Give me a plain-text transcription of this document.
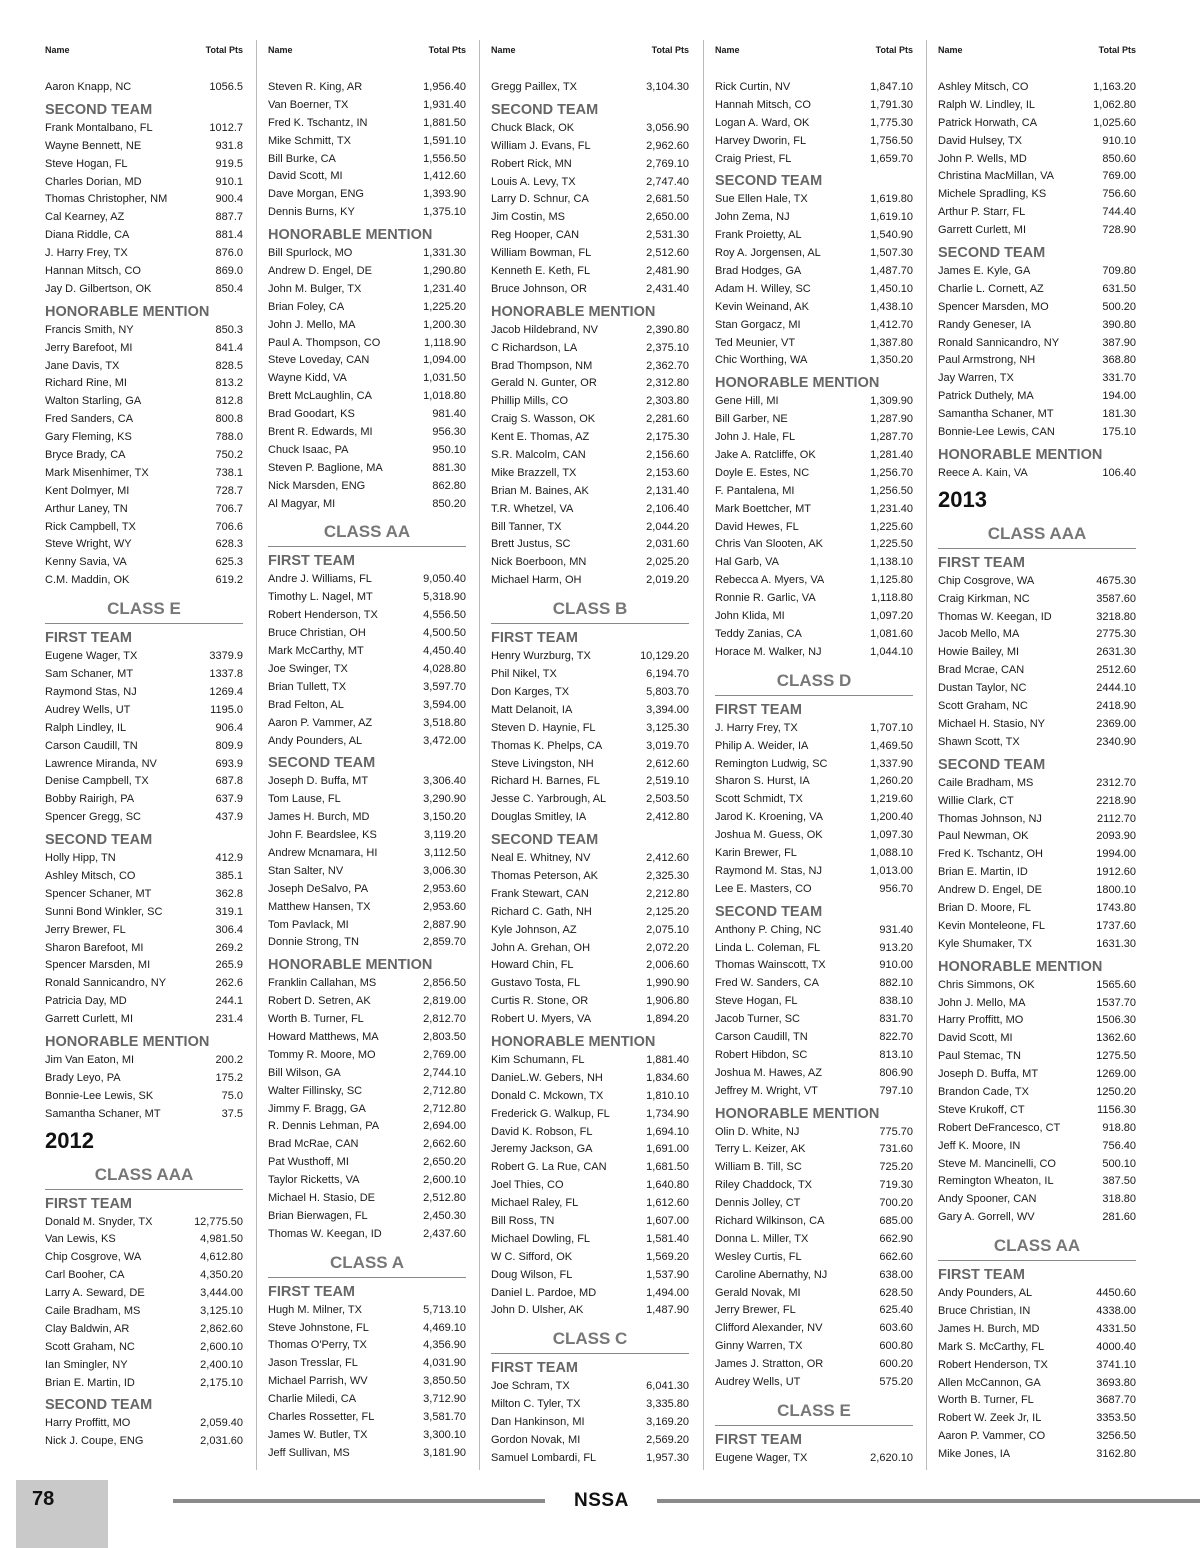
Name	Total Pts
Aaron Knapp, NC	1056.5
SECOND TEAM
Frank Montalbano, FL	1012.7
Wayne Bennett, NE	931.8
Steve Hogan, FL	919.5
Charles Dorian, MD	910.1
Thomas Christopher, NM	900.4
Cal Kearney, AZ	887.7
Diana Riddle, CA	881.4
J. Harry Frey, TX	876.0
Hannan Mitsch, CO	869.0
Jay D. Gilbertson, OK	850.4
HONORABLE MENTION
Francis Smith, NY	850.3
Jerry Barefoot, MI	841.4
Jane Davis, TX	828.5
Richard Rine, MI	813.2
Walton Starling, GA	812.8
Fred Sanders, CA	800.8
Gary Fleming, KS	788.0
Bryce Brady, CA	750.2
Mark Misenhimer, TX	738.1
Kent Dolmyer, MI	728.7
Arthur Laney, TN	706.7
Rick Campbell, TX	706.6
Steve Wright, WY	628.3
Kenny Savia, VA	625.3
C.M. Maddin, OK	619.2
CLASS E
FIRST TEAM
Eugene Wager, TX	3379.9
Sam Schaner, MT	1337.8
Raymond Stas, NJ	1269.4
Audrey Wells, UT	1195.0
Ralph Lindley, IL	906.4
Carson Caudill, TN	809.9
Lawrence Miranda, NV	693.9
Denise Campbell, TX	687.8
Bobby Rairigh, PA	637.9
Spencer Gregg, SC	437.9
SECOND TEAM
Holly Hipp, TN	412.9
Ashley Mitsch, CO	385.1
Spencer Schaner, MT	362.8
Sunni Bond Winkler, SC	319.1
Jerry Brewer, FL	306.4
Sharon Barefoot, MI	269.2
Spencer Marsden, MI	265.9
Ronald Sannicandro, NY	262.6
Patricia Day, MD	244.1
Garrett Curlett, MI	231.4
HONORABLE MENTION
Jim Van Eaton, MI	200.2
Brady Leyo, PA	175.2
Bonnie-Lee Lewis, SK	75.0
Samantha Schaner, MT	37.5
2012
CLASS AAA
FIRST TEAM
Donald M. Snyder, TX	12,775.50
Van Lewis, KS	4,981.50
Chip Cosgrove, WA	4,612.80
Carl Booher, CA	4,350.20
Larry A. Seward, DE	3,444.00
Caile Bradham, MS	3,125.10
Clay Baldwin, AR	2,862.60
Scott Graham, NC	2,600.10
Ian Smingler, NY	2,400.10
Brian E. Martin, ID	2,175.10
SECOND TEAM
Harry Proffitt, MO	2,059.40
Nick J. Coupe, ENG	2,031.60
Name	Total Pts
Steven R. King, AR	1,956.40
Van Boerner, TX	1,931.40
Fred K. Tschantz, IN	1,881.50
Mike Schmitt, TX	1,591.10
Bill Burke, CA	1,556.50
David Scott, MI	1,412.60
Dave Morgan, ENG	1,393.90
Dennis Burns, KY	1,375.10
HONORABLE MENTION
Bill Spurlock, MO	1,331.30
Andrew D. Engel, DE	1,290.80
John M. Bulger, TX	1,231.40
Brian Foley, CA	1,225.20
John J. Mello, MA	1,200.30
Paul A. Thompson, CO	1,118.90
Steve Loveday, CAN	1,094.00
Wayne Kidd, VA	1,031.50
Brett McLaughlin, CA	1,018.80
Brad Goodart, KS	981.40
Brent R. Edwards, MI	956.30
Chuck Isaac, PA	950.10
Steven P. Baglione, MA	881.30
Nick Marsden, ENG	862.80
Al Magyar, MI	850.20
CLASS AA
FIRST TEAM
Andre J. Williams, FL	9,050.40
Timothy L. Nagel, MT	5,318.90
Robert Henderson, TX	4,556.50
Bruce Christian, OH	4,500.50
Mark McCarthy, MT	4,450.40
Joe Swinger, TX	4,028.80
Brian Tullett, TX	3,597.70
Brad Felton, AL	3,594.00
Aaron P. Vammer, AZ	3,518.80
Andy Pounders, AL	3,472.00
SECOND TEAM
Joseph D. Buffa, MT	3,306.40
Tom Lause, FL	3,290.90
James H. Burch, MD	3,150.20
John F. Beardslee, KS	3,119.20
Andrew Mcnamara, HI	3,112.50
Stan Salter, NV	3,006.30
Joseph DeSalvo, PA	2,953.60
Matthew Hansen, TX	2,953.60
Tom Pavlack, MI	2,887.90
Donnie Strong, TN	2,859.70
HONORABLE MENTION
Franklin Callahan, MS	2,856.50
Robert D. Setren, AK	2,819.00
Worth B. Turner, FL	2,812.70
Howard Matthews, MA	2,803.50
Tommy R. Moore, MO	2,769.00
Bill Wilson, GA	2,744.10
Walter Fillinsky, SC	2,712.80
Jimmy F. Bragg, GA	2,712.80
R. Dennis Lehman, PA	2,694.00
Brad McRae, CAN	2,662.60
Pat Wusthoff, MI	2,650.20
Taylor Ricketts, VA	2,600.10
Michael H. Stasio, DE	2,512.80
Brian Bierwagen, FL	2,450.30
Thomas W. Keegan, ID	2,437.60
CLASS A
FIRST TEAM
Hugh M. Milner, TX	5,713.10
Steve Johnstone, FL	4,469.10
Thomas O'Perry, TX	4,356.90
Jason Tresslar, FL	4,031.90
Michael Parrish, WV	3,850.50
Charlie Miledi, CA	3,712.90
Charles Rossetter, FL	3,581.70
James W. Butler, TX	3,300.10
Jeff Sullivan, MS	3,181.90
Name	Total Pts
Gregg Paillex, TX	3,104.30
SECOND TEAM
Chuck Black, OK	3,056.90
William J. Evans, FL	2,962.60
Robert Rick, MN	2,769.10
Louis A. Levy, TX	2,747.40
Larry D. Schnur, CA	2,681.50
Jim Costin, MS	2,650.00
Reg Hooper, CAN	2,531.30
William Bowman, FL	2,512.60
Kenneth E. Keth, FL	2,481.90
Bruce Johnson, OR	2,431.40
HONORABLE MENTION
Jacob Hildebrand, NV	2,390.80
C Richardson, LA	2,375.10
Brad Thompson, NM	2,362.70
Gerald N. Gunter, OR	2,312.80
Phillip Mills, CO	2,303.80
Craig S. Wasson, OK	2,281.60
Kent E. Thomas, AZ	2,175.30
S.R. Malcolm, CAN	2,156.60
Mike Brazzell, TX	2,153.60
Brian M. Baines, AK	2,131.40
T.R. Whetzel, VA	2,106.40
Bill Tanner, TX	2,044.20
Brett Justus, SC	2,031.60
Nick Boerboon, MN	2,025.20
Michael Harm, OH	2,019.20
CLASS B
FIRST TEAM
Henry Wurzburg, TX	10,129.20
Phil Nikel, TX	6,194.70
Don Karges, TX	5,803.70
Matt Delanoit, IA	3,394.00
Steven D. Haynie, FL	3,125.30
Thomas K. Phelps, CA	3,019.70
Steve Livingston, NH	2,612.60
Richard H. Barnes, FL	2,519.10
Jesse C. Yarbrough, AL	2,503.50
Douglas Smitley, IA	2,412.80
SECOND TEAM
Neal E. Whitney, NV	2,412.60
Thomas Peterson, AK	2,325.30
Frank Stewart, CAN	2,212.80
Richard C. Gath, NH	2,125.20
Kyle Johnson, AZ	2,075.10
John A. Grehan, OH	2,072.20
Howard Chin, FL	2,006.60
Gustavo Tosta, FL	1,990.90
Curtis R. Stone, OR	1,906.80
Robert U. Myers, VA	1,894.20
HONORABLE MENTION
Kim Schumann, FL	1,881.40
DanieL.W. Gebers, NH	1,834.60
Donald C. Mckown, TX	1,810.10
Frederick G. Walkup, FL	1,734.90
David K. Robson, FL	1,694.10
Jeremy Jackson, GA	1,691.00
Robert G. La Rue, CAN	1,681.50
Joel Thies, CO	1,640.80
Michael Raley, FL	1,612.60
Bill Ross, TN	1,607.00
Michael Dowling, FL	1,581.40
W C. Sifford, OK	1,569.20
Doug Wilson, FL	1,537.90
Daniel L. Pardoe, MD	1,494.00
John D. Ulsher, AK	1,487.90
CLASS C
FIRST TEAM
Joe Schram, TX	6,041.30
Milton C. Tyler, TX	3,335.80
Dan Hankinson, MI	3,169.20
Gordon Novak, MI	2,569.20
Samuel Lombardi, FL	1,957.30
Name	Total Pts
Rick Curtin, NV	1,847.10
Hannah Mitsch, CO	1,791.30
Logan A. Ward, OK	1,775.30
Harvey Dworin, FL	1,756.50
Craig Priest, FL	1,659.70
SECOND TEAM
Sue Ellen Hale, TX	1,619.80
John Zema, NJ	1,619.10
Frank Proietty, AL	1,540.90
Roy A. Jorgensen, AL	1,507.30
Brad Hodges, GA	1,487.70
Adam H. Willey, SC	1,450.10
Kevin Weinand, AK	1,438.10
Stan Gorgacz, MI	1,412.70
Ted Meunier, VT	1,387.80
Chic Worthing, WA	1,350.20
HONORABLE MENTION
Gene Hill, MI	1,309.90
Bill Garber, NE	1,287.90
John J. Hale, FL	1,287.70
Jake A. Ratcliffe, OK	1,281.40
Doyle E. Estes, NC	1,256.70
F. Pantalena, MI	1,256.50
Mark Boettcher, MT	1,231.40
David Hewes, FL	1,225.60
Chris Van Slooten, AK	1,225.50
Hal Garb, VA	1,138.10
Rebecca A. Myers, VA	1,125.80
Ronnie R. Garlic, VA	1,118.80
John Klida, MI	1,097.20
Teddy Zanias, CA	1,081.60
Horace M. Walker, NJ	1,044.10
CLASS D
FIRST TEAM
J. Harry Frey, TX	1,707.10
Philip A. Weider, IA	1,469.50
Remington Ludwig, SC	1,337.90
Sharon S. Hurst, IA	1,260.20
Scott Schmidt, TX	1,219.60
Jarod K. Kroening, VA	1,200.40
Joshua M. Guess, OK	1,097.30
Karin Brewer, FL	1,088.10
Raymond M. Stas, NJ	1,013.00
Lee E. Masters, CO	956.70
SECOND TEAM
Anthony P. Ching, NC	931.40
Linda L. Coleman, FL	913.20
Thomas Wainscott, TX	910.00
Fred W. Sanders, CA	882.10
Steve Hogan, FL	838.10
Jacob Turner, SC	831.70
Carson Caudill, TN	822.70
Robert Hibdon, SC	813.10
Joshua M. Hawes, AZ	806.90
Jeffrey M. Wright, VT	797.10
HONORABLE MENTION
Olin D. White, NJ	775.70
Terry L. Keizer, AK	731.60
William B. Till, SC	725.20
Riley Chaddock, TX	719.30
Dennis Jolley, CT	700.20
Richard Wilkinson, CA	685.00
Donna L. Miller, TX	662.90
Wesley Curtis, FL	662.60
Caroline Abernathy, NJ	638.00
Gerald Novak, MI	628.50
Jerry Brewer, FL	625.40
Clifford Alexander, NV	603.60
Ginny Warren, TX	600.80
James J. Stratton, OR	600.20
Audrey Wells, UT	575.20
CLASS E
FIRST TEAM
Eugene Wager, TX	2,620.10
Name	Total Pts
Ashley Mitsch, CO	1,163.20
Ralph W. Lindley, IL	1,062.80
Patrick Horwath, CA	1,025.60
David Hulsey, TX	910.10
John P. Wells, MD	850.60
Christina MacMillan, VA	769.00
Michele Spradling, KS	756.60
Arthur P. Starr, FL	744.40
Garrett Curlett, MI	728.90
SECOND TEAM
James E. Kyle, GA	709.80
Charlie L. Cornett, AZ	631.50
Spencer Marsden, MO	500.20
Randy Geneser, IA	390.80
Ronald Sannicandro, NY	387.90
Paul Armstrong, NH	368.80
Jay Warren, TX	331.70
Patrick Duthely, MA	194.00
Samantha Schaner, MT	181.30
Bonnie-Lee Lewis, CAN	175.10
HONORABLE MENTION
Reece A. Kain, VA	106.40
2013
CLASS AAA
FIRST TEAM
Chip Cosgrove, WA	4675.30
Craig Kirkman, NC	3587.60
Thomas W. Keegan, ID	3218.80
Jacob Mello, MA	2775.30
Howie Bailey, MI	2631.30
Brad Mcrae, CAN	2512.60
Dustan Taylor, NC	2444.10
Scott Graham, NC	2418.90
Michael H. Stasio, NY	2369.00
Shawn Scott, TX	2340.90
SECOND TEAM
Caile Bradham, MS	2312.70
Willie Clark, CT	2218.90
Thomas Johnson, NJ	2112.70
Paul Newman, OK	2093.90
Fred K. Tschantz, OH	1994.00
Brian E. Martin, ID	1912.60
Andrew D. Engel, DE	1800.10
Brian D. Moore, FL	1743.80
Kevin Monteleone, FL	1737.60
Kyle Shumaker, TX	1631.30
HONORABLE MENTION
Chris Simmons, OK	1565.60
John J. Mello, MA	1537.70
Harry Proffitt, MO	1506.30
David Scott, MI	1362.60
Paul Stemac, TN	1275.50
Joseph D. Buffa, MT	1269.00
Brandon Cade, TX	1250.20
Steve Krukoff, CT	1156.30
Robert DeFrancesco, CT	918.80
Jeff K. Moore, IN	756.40
Steve M. Mancinelli, CO	500.10
Remington Wheaton, IL	387.50
Andy Spooner, CAN	318.80
Gary A. Gorrell, WV	281.60
CLASS AA
FIRST TEAM
Andy Pounders, AL	4450.60
Bruce Christian, IN	4338.00
James H. Burch, MD	4331.50
Mark S. McCarthy, FL	4000.40
Robert Henderson, TX	3741.10
Allen McCannon, GA	3693.80
Worth B. Turner, FL	3687.70
Robert W. Zeek Jr, IL	3353.50
Aaron P. Vammer, CO	3256.50
Mike Jones, IA	3162.80
78	NSSA
